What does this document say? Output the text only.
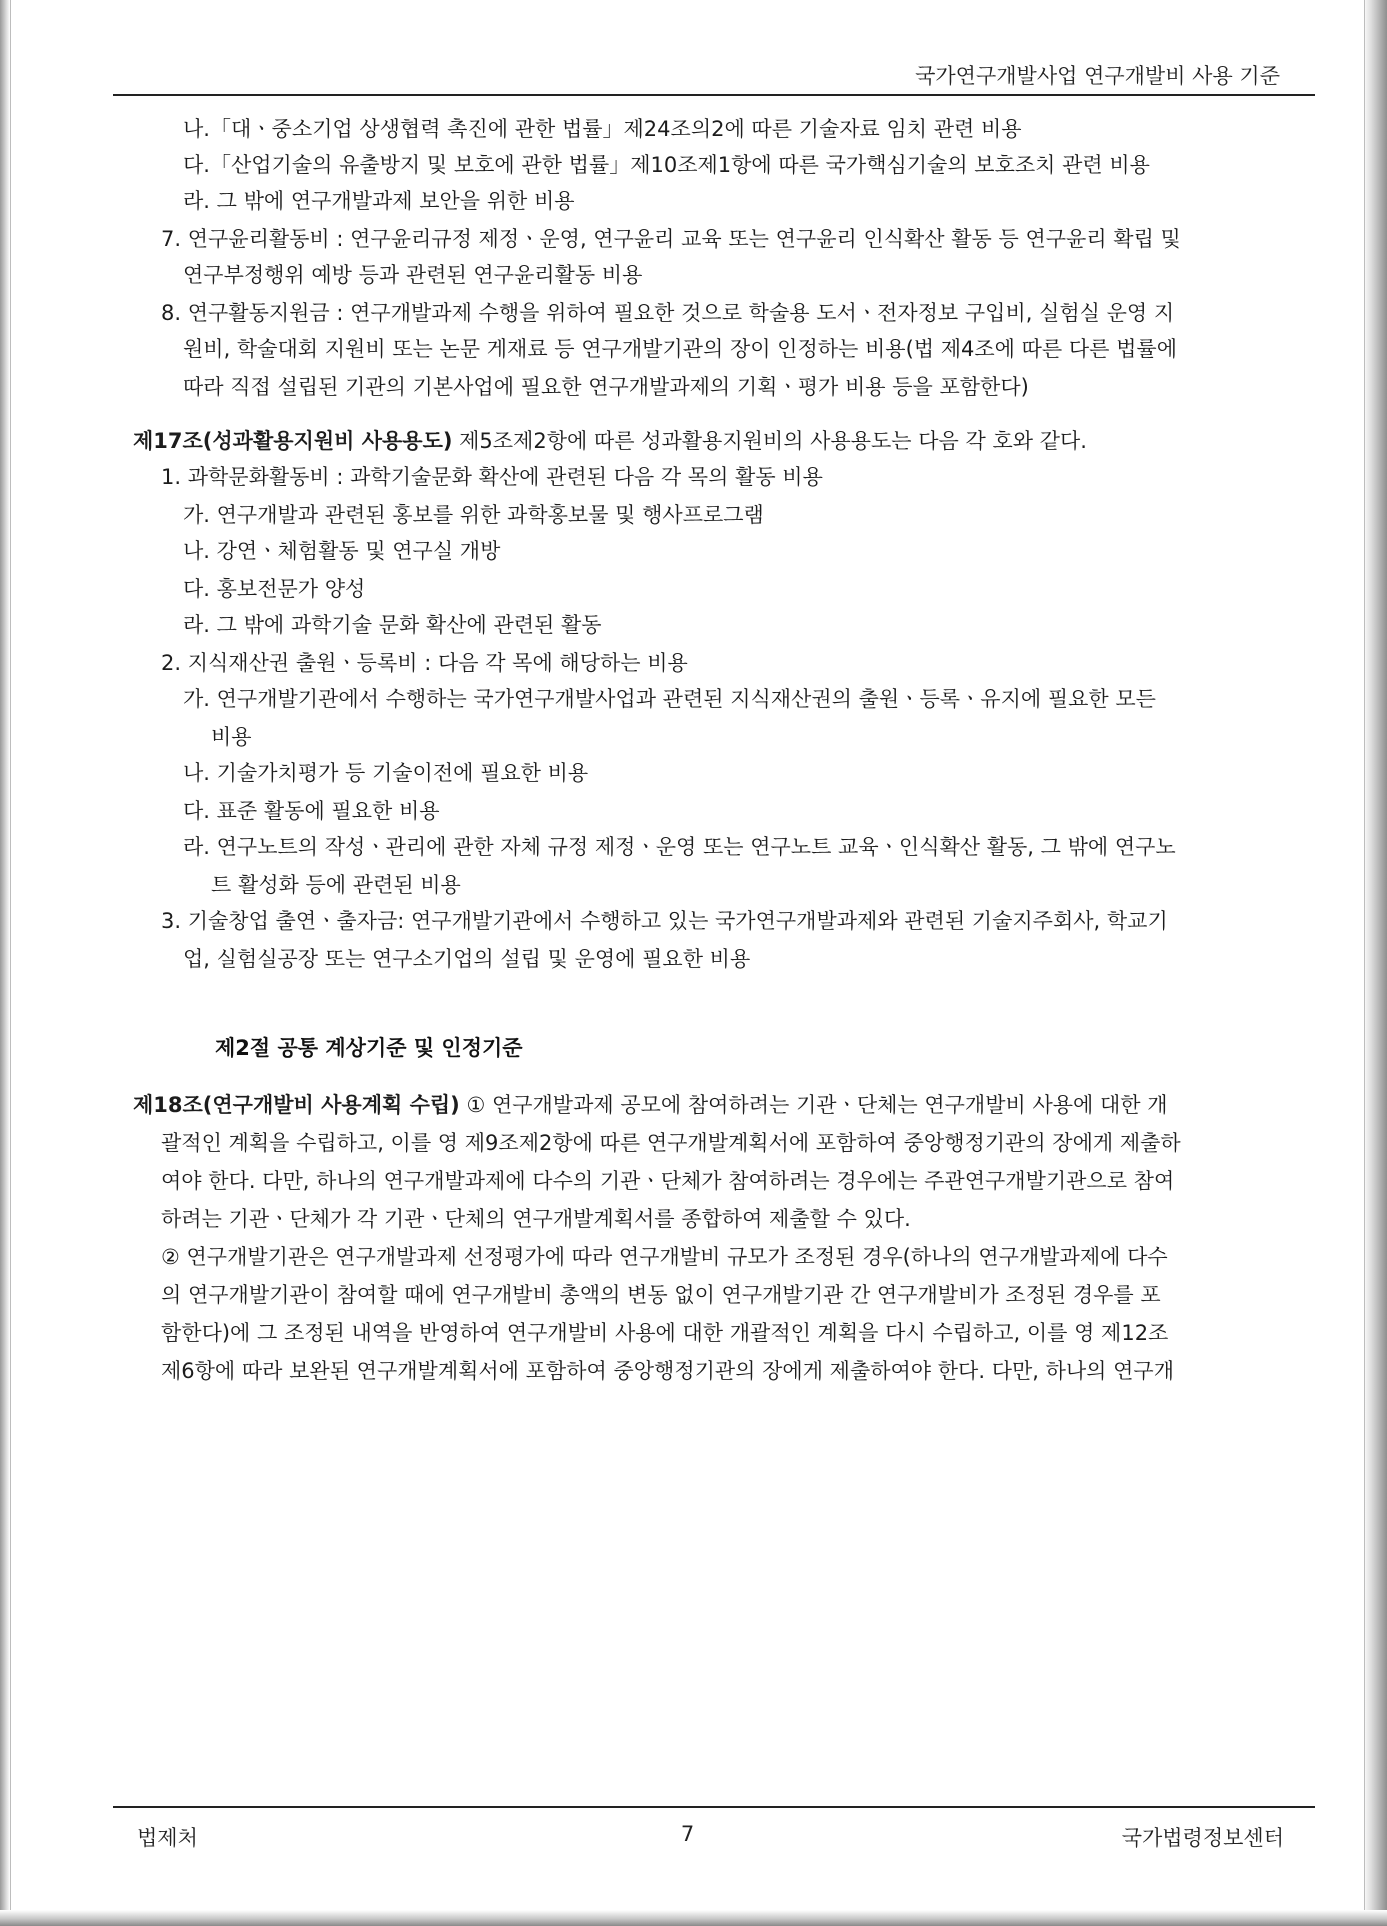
국가연구개발사업 연구개발비 사용 기준
나.「대ㆍ중소기업 상생협력 촉진에 관한 법률」제24조의2에 따른 기술자료 임치 관련 비용
다.「산업기술의 유출방지 및 보호에 관한 법률」제10조제1항에 따른 국가핵심기술의 보호조치 관련 비용
라. 그 밖에 연구개발과제 보안을 위한 비용
7. 연구윤리활동비 : 연구윤리규정 제정ㆍ운영, 연구윤리 교육 또는 연구윤리 인식확산 활동 등 연구윤리 확립 및
연구부정행위 예방 등과 관련된 연구윤리활동 비용
8. 연구활동지원금 : 연구개발과제 수행을 위하여 필요한 것으로 학술용 도서ㆍ전자정보 구입비, 실험실 운영 지
원비, 학술대회 지원비 또는 논문 게재료 등 연구개발기관의 장이 인정하는 비용(법 제4조에 따른 다른 법률에
따라 직접 설립된 기관의 기본사업에 필요한 연구개발과제의 기획ㆍ평가 비용 등을 포함한다)
제17조(성과활용지원비 사용용도) 제5조제2항에 따른 성과활용지원비의 사용용도는 다음 각 호와 같다.
1. 과학문화활동비 : 과학기술문화 확산에 관련된 다음 각 목의 활동 비용
가. 연구개발과 관련된 홍보를 위한 과학홍보물 및 행사프로그램
나. 강연ㆍ체험활동 및 연구실 개방
다. 홍보전문가 양성
라. 그 밖에 과학기술 문화 확산에 관련된 활동
2. 지식재산권 출원ㆍ등록비 : 다음 각 목에 해당하는 비용
가. 연구개발기관에서 수행하는 국가연구개발사업과 관련된 지식재산권의 출원ㆍ등록ㆍ유지에 필요한 모든
비용
나. 기술가치평가 등 기술이전에 필요한 비용
다. 표준 활동에 필요한 비용
라. 연구노트의 작성ㆍ관리에 관한 자체 규정 제정ㆍ운영 또는 연구노트 교육ㆍ인식확산 활동, 그 밖에 연구노
트 활성화 등에 관련된 비용
3. 기술창업 출연ㆍ출자금: 연구개발기관에서 수행하고 있는 국가연구개발과제와 관련된 기술지주회사, 학교기
업, 실험실공장 또는 연구소기업의 설립 및 운영에 필요한 비용
제2절 공통 계상기준 및 인정기준
제18조(연구개발비 사용계획 수립) ① 연구개발과제 공모에 참여하려는 기관ㆍ단체는 연구개발비 사용에 대한 개
괄적인 계획을 수립하고, 이를 영 제9조제2항에 따른 연구개발계획서에 포함하여 중앙행정기관의 장에게 제출하
여야 한다. 다만, 하나의 연구개발과제에 다수의 기관ㆍ단체가 참여하려는 경우에는 주관연구개발기관으로 참여
하려는 기관ㆍ단체가 각 기관ㆍ단체의 연구개발계획서를 종합하여 제출할 수 있다.
② 연구개발기관은 연구개발과제 선정평가에 따라 연구개발비 규모가 조정된 경우(하나의 연구개발과제에 다수
의 연구개발기관이 참여할 때에 연구개발비 총액의 변동 없이 연구개발기관 간 연구개발비가 조정된 경우를 포
함한다)에 그 조정된 내역을 반영하여 연구개발비 사용에 대한 개괄적인 계획을 다시 수립하고, 이를 영 제12조
제6항에 따라 보완된 연구개발계획서에 포함하여 중앙행정기관의 장에게 제출하여야 한다. 다만, 하나의 연구개
법제처	7	국가법령정보센터
